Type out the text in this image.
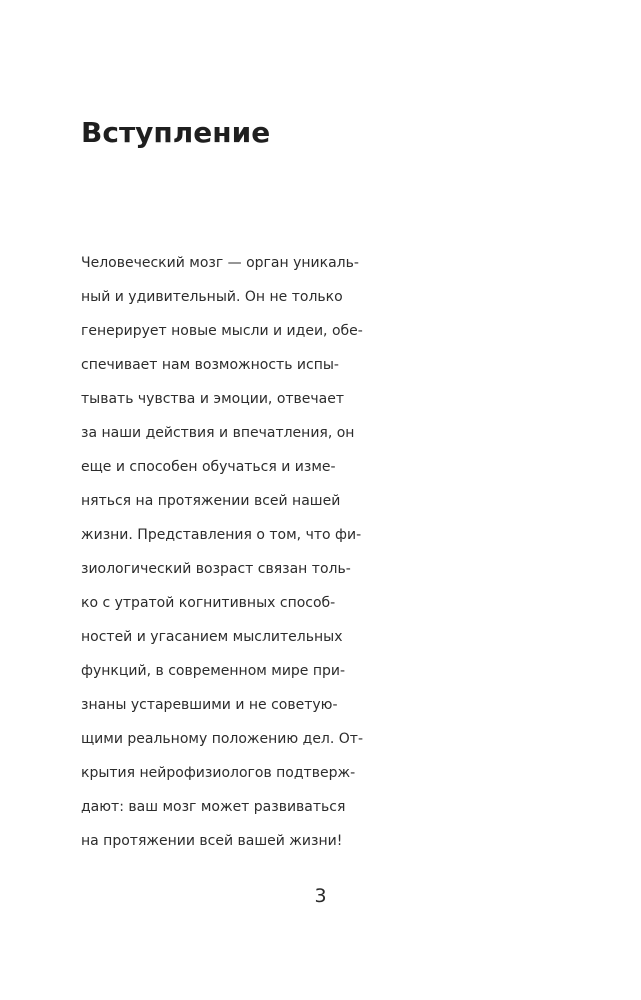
Вступление
Человеческий мозг — орган уникаль-
ный и удивительный. Он не только
генерирует новые мысли и идеи, обе-
спечивает нам возможность испы-
тывать чувства и эмоции, отвечает
за наши действия и впечатления, он
еще и способен обучаться и изме-
няться на протяжении всей нашей
жизни. Представления о том, что фи-
зиологический возраст связан толь-
ко с утратой когнитивных способ-
ностей и угасанием мыслительных
функций, в современном мире при-
знаны устаревшими и не советую-
щими реальному положению дел. От-
крытия нейрофизиологов подтверж-
дают: ваш мозг может развиваться
на протяжении всей вашей жизни!
3
